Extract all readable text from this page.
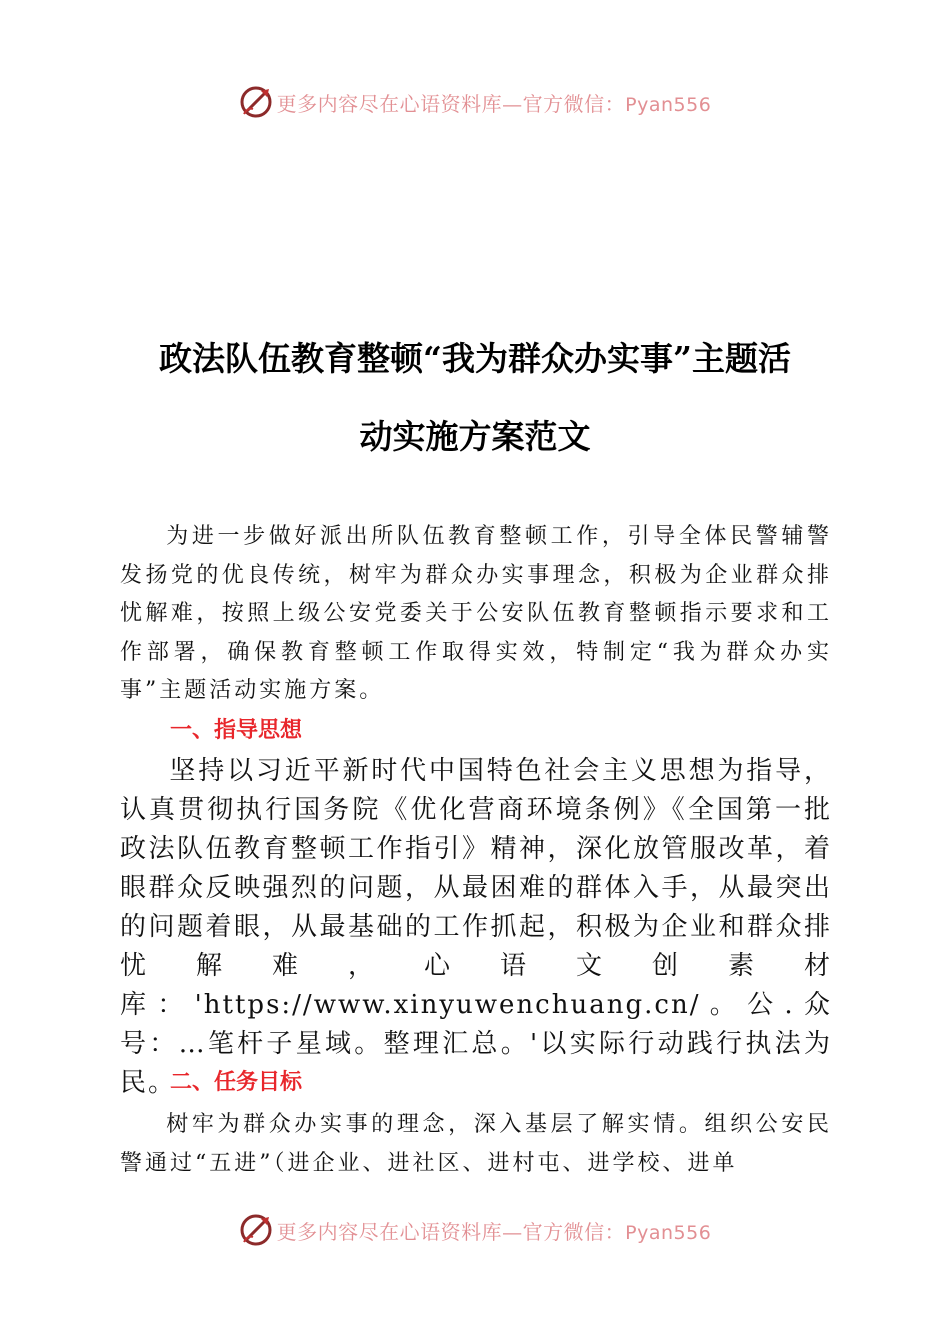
更多内容尽在心语资料库—官方微信：Pyan556
政法队伍教育整顿“我为群众办实事”主题活
动实施方案范文
为进一步做好派出所队伍教育整顿工作，引导全体民警辅警发扬党的优良传统，树牢为群众办实事理念，积极为企业群众排忧解难，按照上级公安党委关于公安队伍教育整顿指示要求和工作部署，确保教育整顿工作取得实效，特制定“我为群众办实事”主题活动实施方案。
一、指导思想
坚持以习近平新时代中国特色社会主义思想为指导，认真贯彻执行国务院《优化营商环境条例》《全国第一批政法队伍教育整顿工作指引》精神，深化放管服改革，着眼群众反映强烈的问题，从最困难的群体入手，从最突出的问题着眼，从最基础的工作抓起，积极为企业和群众排忧解难，心语文创素材库：'https://www.xinyuwenchuang.cn/。公.众号：…笔杆子星域。整理汇总。'以实际行动践行执法为民。
二、任务目标
树牢为群众办实事的理念，深入基层了解实情。组织公安民警通过“五进”（进企业、进社区、进村屯、进学校、进单
更多内容尽在心语资料库—官方微信：Pyan556
